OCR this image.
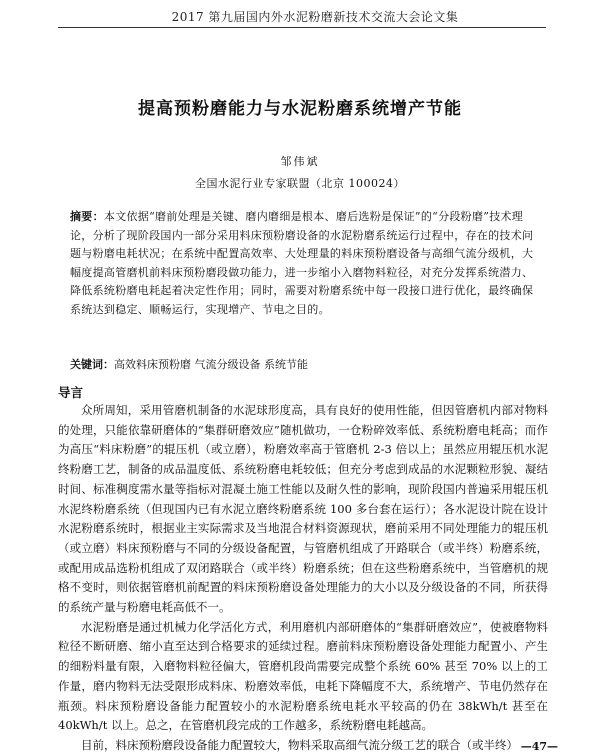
2017 第九届国内外水泥粉磨新技术交流大会论文集
提高预粉磨能力与水泥粉磨系统增产节能
邹伟斌
全国水泥行业专家联盟（北京 100024）
摘要：本文依据“磨前处理是关键、磨内磨细是根本、磨后选粉是保证”的“分段粉磨”技术理论，分析了现阶段国内一部分采用料床预粉磨设备的水泥粉磨系统运行过程中，存在的技术问题与粉磨电耗状况；在系统中配置高效率、大处理量的料床预粉磨设备与高细气流分级机，大幅度提高管磨机前料床预粉磨段做功能力，进一步缩小入磨物料粒径，对充分发挥系统潜力、降低系统粉磨电耗起着决定性作用；同时，需要对粉磨系统中每一段接口进行优化，最终确保系统达到稳定、顺畅运行，实现增产、节电之目的。
关键词：高效料床预粉磨 气流分级设备 系统节能
导言

众所周知，采用管磨机制备的水泥球形度高，具有良好的使用性能，但因管磨机内部对物料的处理，只能依靠研磨体的“集群研磨效应”随机做功，一仓粉碎效率低、系统粉磨电耗高；而作为高压“料床粉磨”的辊压机（或立磨），粉磨效率高于管磨机 2-3 倍以上；虽然应用辊压机水泥终粉磨工艺，制备的成品温度低、系统粉磨电耗较低；但充分考虑到成品的水泥颗粒形貌、凝结时间、标准稠度需水量等指标对混凝土施工性能以及耐久性的影响，现阶段国内普遍采用辊压机水泥终粉磨系统（但现国内已有水泥立磨终粉磨系统 100 多台套在运行）；各水泥设计院在设计水泥粉磨系统时，根据业主实际需求及当地混合材料资源现状，磨前采用不同处理能力的辊压机（或立磨）料床预粉磨与不同的分级设备配置，与管磨机组成了开路联合（或半终）粉磨系统，或配用成品选粉机组成了双闭路联合（或半终）粉磨系统；但在这些粉磨系统中，当管磨机的规格不变时，则依据管磨机前配置的料床预粉磨设备处理能力的大小以及分级设备的不同，所获得的系统产量与粉磨电耗高低不一。

水泥粉磨是通过机械力化学活化方式，利用磨机内部研磨体的“集群研磨效应”，使被磨物料粒径不断研磨、缩小直至达到合格要求的延续过程。磨前料床预粉磨设备处理能力配置小、产生的细粉料量有限，入磨物料粒径偏大，管磨机段尚需要完成整个系统 60% 甚至 70% 以上的工作量，磨内物料无法受限形成料床、粉磨效率低，电耗下降幅度不大，系统增产、节电仍然存在瓶颈。料床预粉磨设备能力配置较小的水泥粉磨系统电耗水平较高的仍在 38kWh/t 甚至在 40kWh/t 以上。总之，在管磨机段完成的工作越多，系统粉磨电耗越高。

目前，料床预粉磨段设备能力配置较大，物料采取高细气流分级工艺的联合（或半终） —47—
